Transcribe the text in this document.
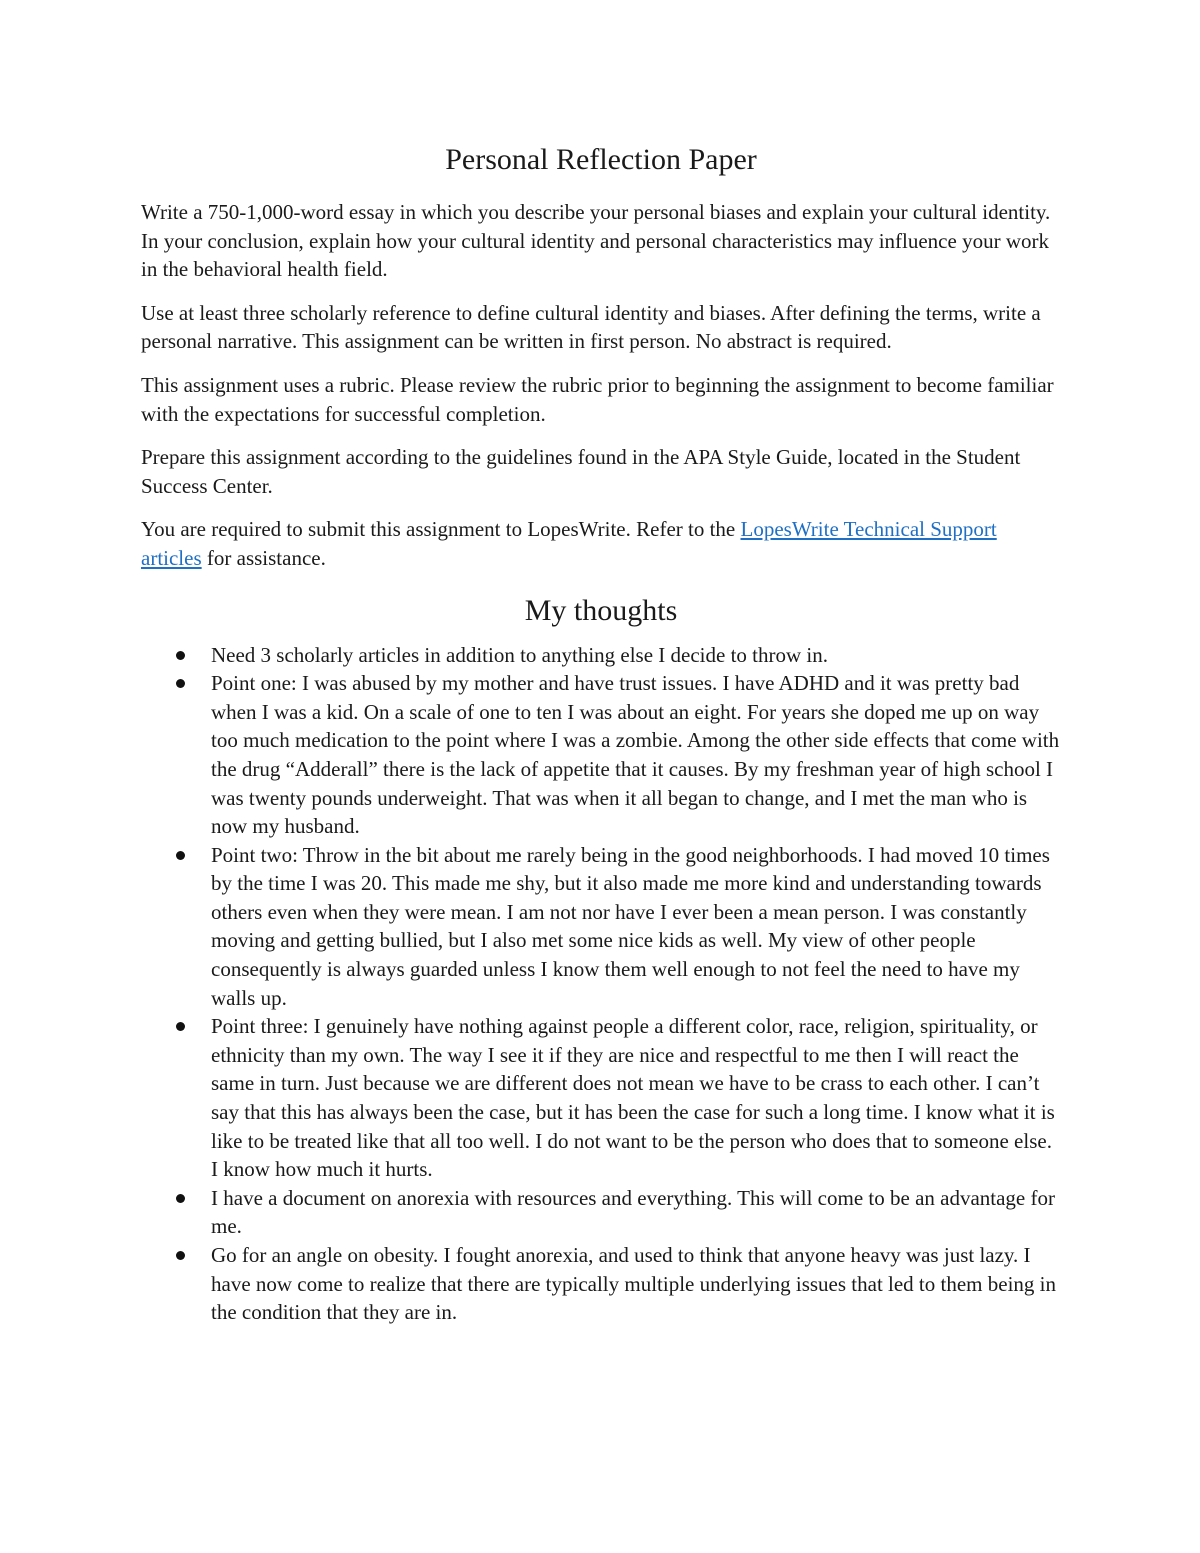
Personal Reflection Paper

Write a 750-1,000-word essay in which you describe your personal biases and explain your cultural identity. In your conclusion, explain how your cultural identity and personal characteristics may influence your work in the behavioral health field.

Use at least three scholarly reference to define cultural identity and biases. After defining the terms, write a personal narrative. This assignment can be written in first person. No abstract is required.

This assignment uses a rubric. Please review the rubric prior to beginning the assignment to become familiar with the expectations for successful completion.

Prepare this assignment according to the guidelines found in the APA Style Guide, located in the Student Success Center.

You are required to submit this assignment to LopesWrite. Refer to the LopesWrite Technical Support articles for assistance.

My thoughts
Need 3 scholarly articles in addition to anything else I decide to throw in.
Point one: I was abused by my mother and have trust issues. I have ADHD and it was pretty bad when I was a kid. On a scale of one to ten I was about an eight. For years she doped me up on way too much medication to the point where I was a zombie. Among the other side effects that come with the drug “Adderall” there is the lack of appetite that it causes. By my freshman year of high school I was twenty pounds underweight. That was when it all began to change, and I met the man who is now my husband.
Point two: Throw in the bit about me rarely being in the good neighborhoods. I had moved 10 times by the time I was 20. This made me shy, but it also made me more kind and understanding towards others even when they were mean. I am not nor have I ever been a mean person. I was constantly moving and getting bullied, but I also met some nice kids as well. My view of other people consequently is always guarded unless I know them well enough to not feel the need to have my walls up.
Point three: I genuinely have nothing against people a different color, race, religion, spirituality, or ethnicity than my own. The way I see it if they are nice and respectful to me then I will react the same in turn. Just because we are different does not mean we have to be crass to each other. I can’t say that this has always been the case, but it has been the case for such a long time. I know what it is like to be treated like that all too well. I do not want to be the person who does that to someone else. I know how much it hurts.
I have a document on anorexia with resources and everything. This will come to be an advantage for me.
Go for an angle on obesity. I fought anorexia, and used to think that anyone heavy was just lazy. I have now come to realize that there are typically multiple underlying issues that led to them being in the condition that they are in.
